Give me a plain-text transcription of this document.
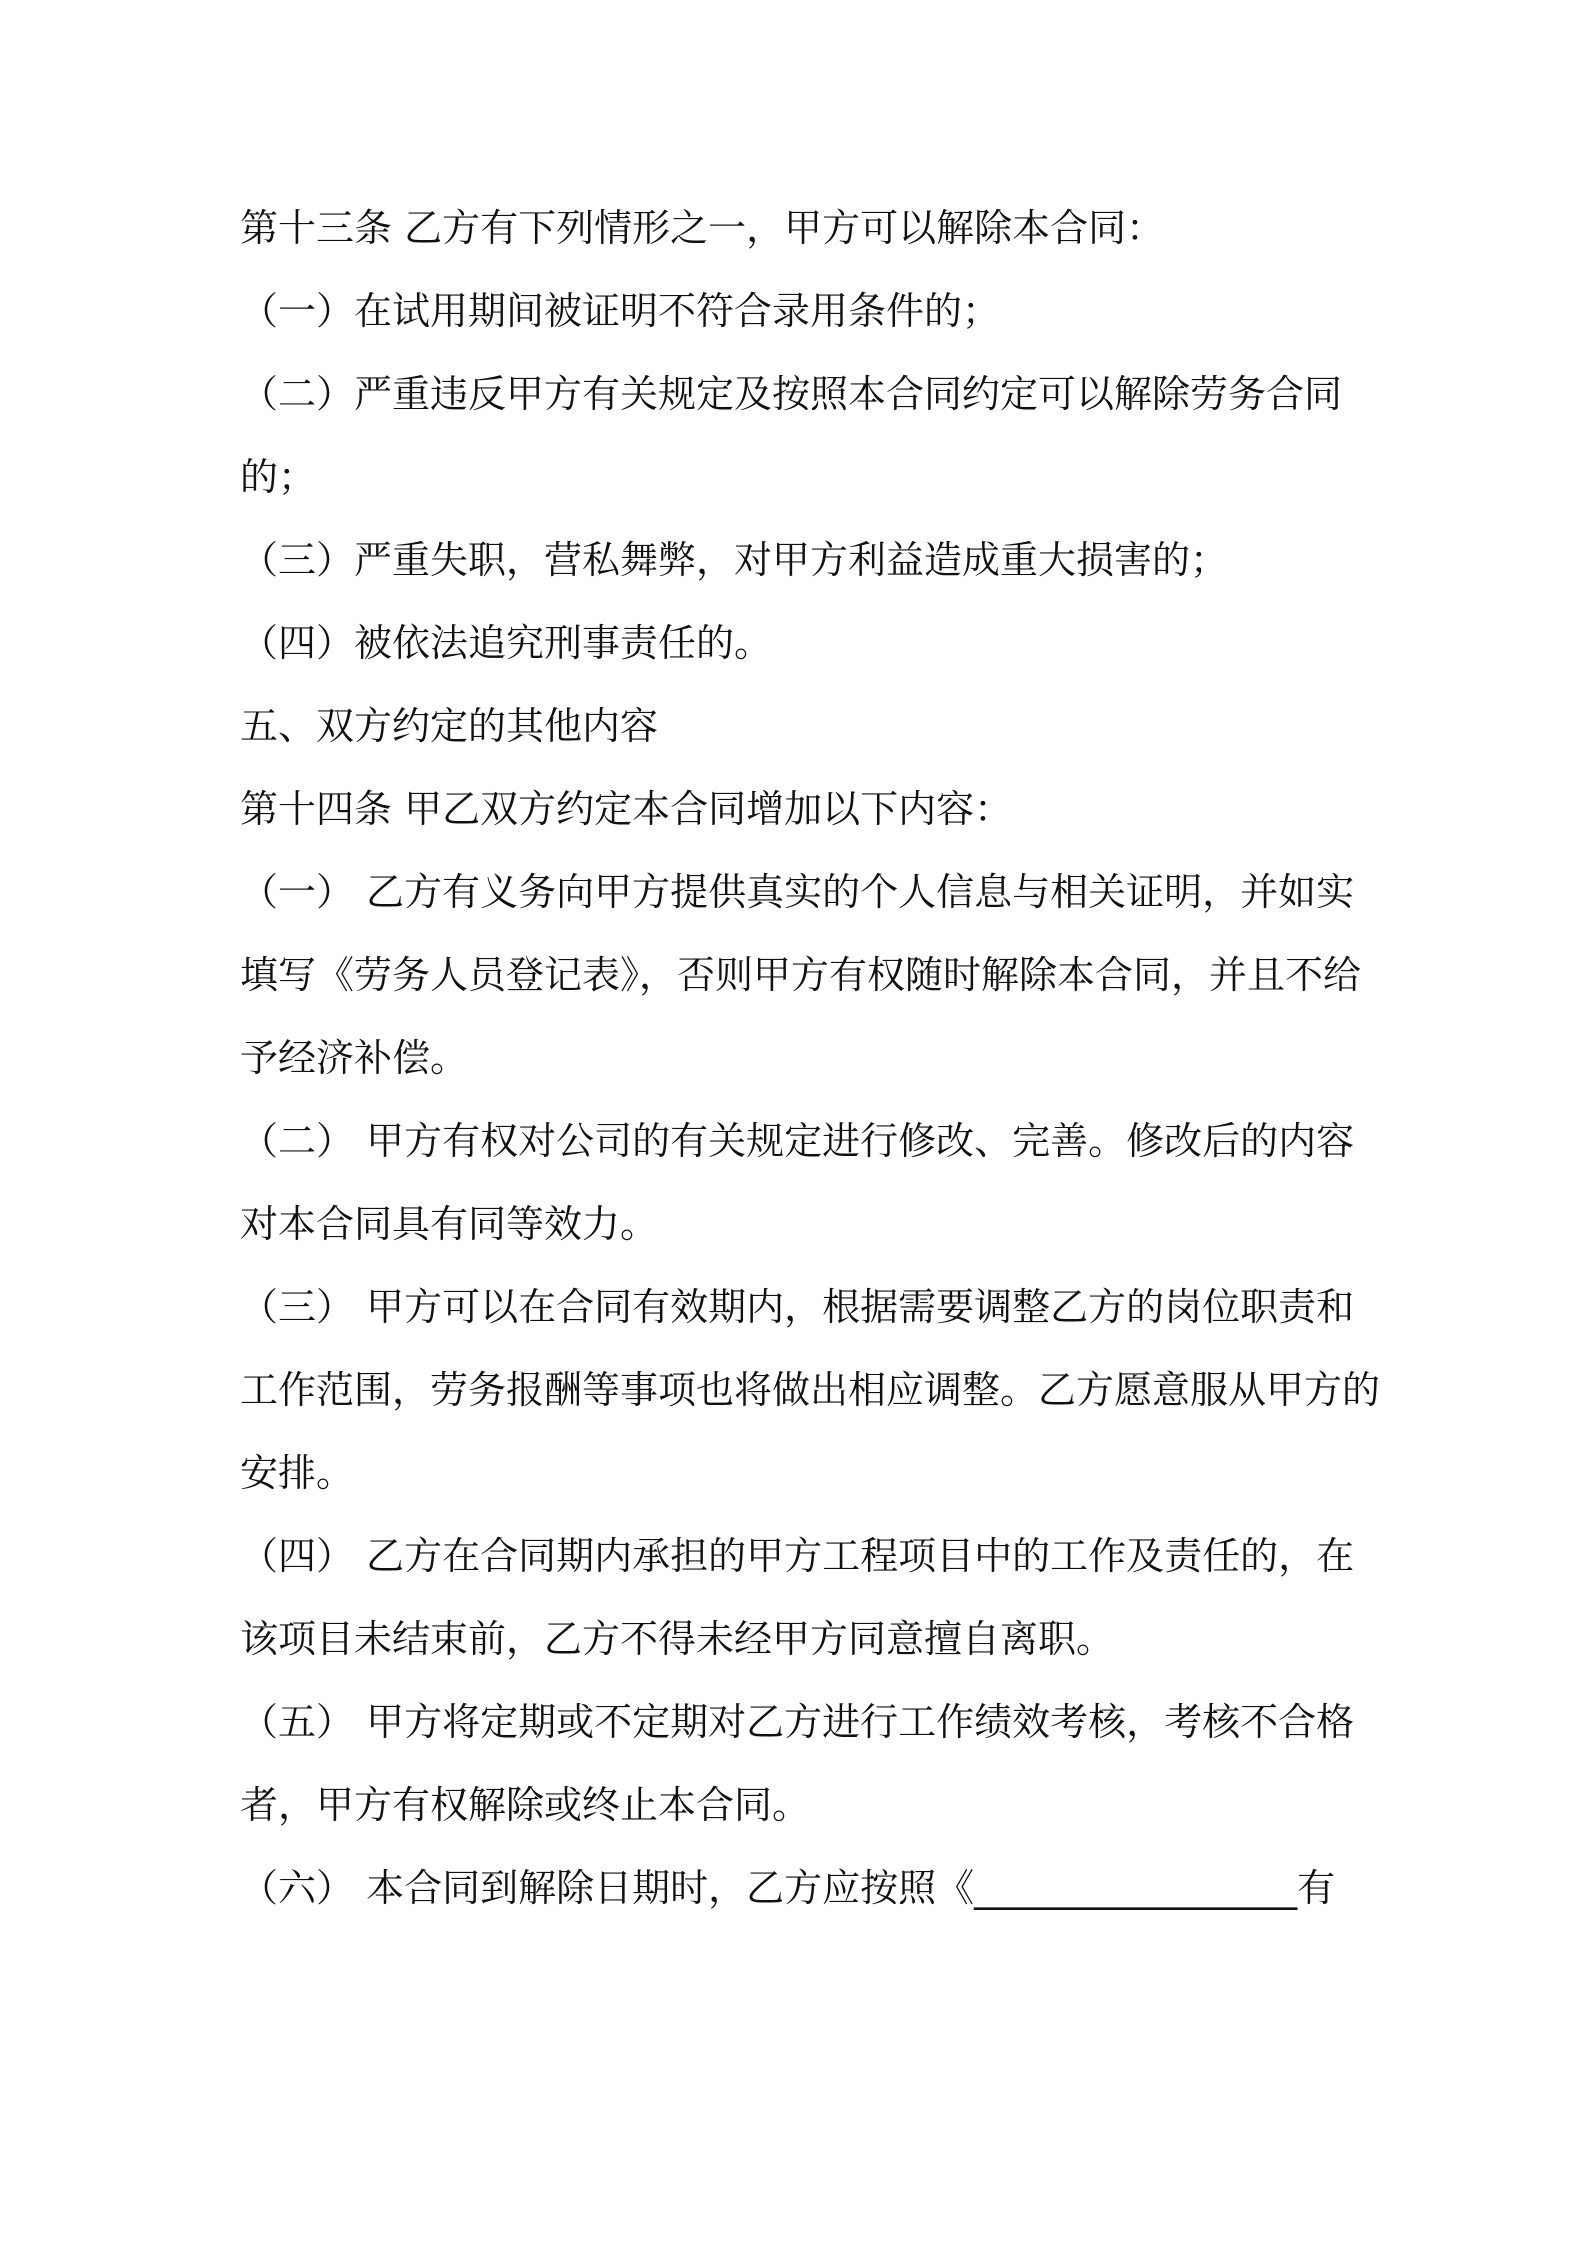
第十三条 乙方有下列情形之一，甲方可以解除本合同：
（一）在试用期间被证明不符合录用条件的；
（二）严重违反甲方有关规定及按照本合同约定可以解除劳务合同
的；
（三）严重失职，营私舞弊，对甲方利益造成重大损害的；
（四）被依法追究刑事责任的。
五、双方约定的其他内容
第十四条 甲乙双方约定本合同增加以下内容：
（一） 乙方有义务向甲方提供真实的个人信息与相关证明，并如实
填写《劳务人员登记表》，否则甲方有权随时解除本合同，并且不给
予经济补偿。
（二） 甲方有权对公司的有关规定进行修改、完善。修改后的内容
对本合同具有同等效力。
（三） 甲方可以在合同有效期内，根据需要调整乙方的岗位职责和
工作范围，劳务报酬等事项也将做出相应调整。乙方愿意服从甲方的
安排。
（四） 乙方在合同期内承担的甲方工程项目中的工作及责任的，在
该项目未结束前，乙方不得未经甲方同意擅自离职。
（五） 甲方将定期或不定期对乙方进行工作绩效考核，考核不合格
者，甲方有权解除或终止本合同。
（六） 本合同到解除日期时，乙方应按照《_________________有
